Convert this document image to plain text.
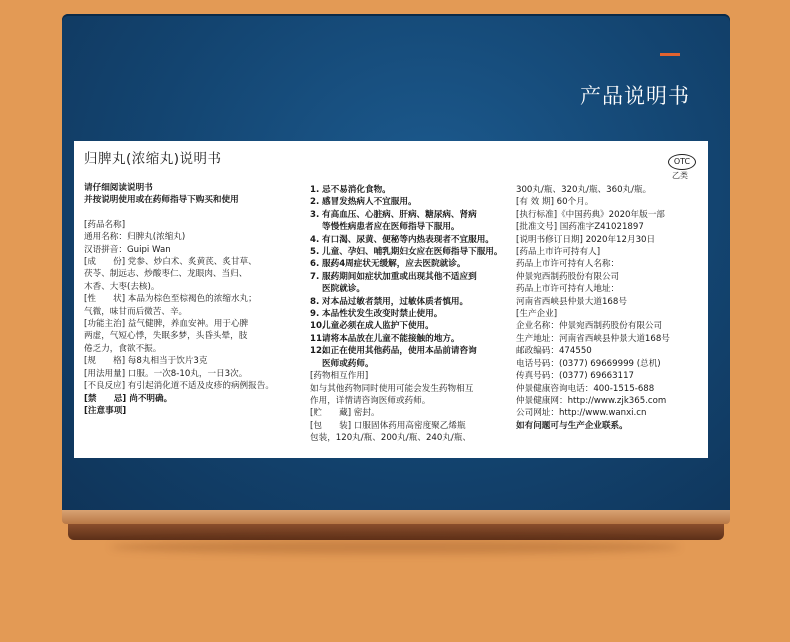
产品说明书
归脾丸(浓缩丸)说明书	OTC
乙类
请仔细阅读说明书
并按说明使用或在药师指导下购买和使用
[药品名称]
通用名称：归脾丸(浓缩丸)
汉语拼音：Guipi Wan
[成　　份] 党参、炒白术、炙黄芪、炙甘草、
茯苓、制远志、炒酸枣仁、龙眼肉、当归、
木香、大枣(去核)。
[性　　状] 本品为棕色至棕褐色的浓缩水丸；
气微，味甘而后微苦、辛。
[功能主治] 益气健脾，养血安神。用于心脾
两虚，气短心悸，失眠多梦，头昏头晕，肢
倦乏力，食欲不振。
[规　　格] 每8丸相当于饮片3克
[用法用量] 口服。一次8-10丸，一日3次。
[不良反应] 有引起消化道不适及皮疹的病例报告。
[禁　　忌] 尚不明确。
[注意事项]
1. 忌不易消化食物。
2. 感冒发热病人不宜服用。
3. 有高血压、心脏病、肝病、糖尿病、肾病
等慢性病患者应在医师指导下服用。
4. 有口渴、尿黄、便秘等内热表现者不宜服用。
5. 儿童、孕妇、哺乳期妇女应在医师指导下服用。
6. 服药4周症状无缓解，应去医院就诊。
7. 服药期间如症状加重或出现其他不适应到
医院就诊。
8. 对本品过敏者禁用，过敏体质者慎用。
9. 本品性状发生改变时禁止使用。
10.
儿童必须在成人监护下使用。
11.
请将本品放在儿童不能接触的地方。
12.
如正在使用其他药品，使用本品前请咨询
医师或药师。
[药物相互作用]
如与其他药物同时使用可能会发生药物相互
作用，详情请咨询医师或药师。
[贮　　藏] 密封。
[包　　装] 口服固体药用高密度聚乙烯瓶
包装，120丸/瓶、200丸/瓶、240丸/瓶、
300丸/瓶、320丸/瓶、360丸/瓶。
[有 效 期] 60个月。
[执行标准]《中国药典》2020年版一部
[批准文号] 国药准字Z41021897
[说明书修订日期] 2020年12月30日
[药品上市许可持有人]
药品上市许可持有人名称：
仲景宛西制药股份有限公司
药品上市许可持有人地址：
河南省西峡县仲景大道168号
[生产企业]
企业名称：仲景宛西制药股份有限公司
生产地址：河南省西峡县仲景大道168号
邮政编码：474550
电话号码：(0377) 69669999 (总机)
传真号码：(0377) 69663117
仲景健康咨询电话：400-1515-688
仲景健康网：http://www.zjk365.com
公司网址：http://www.wanxi.cn
如有问题可与生产企业联系。
